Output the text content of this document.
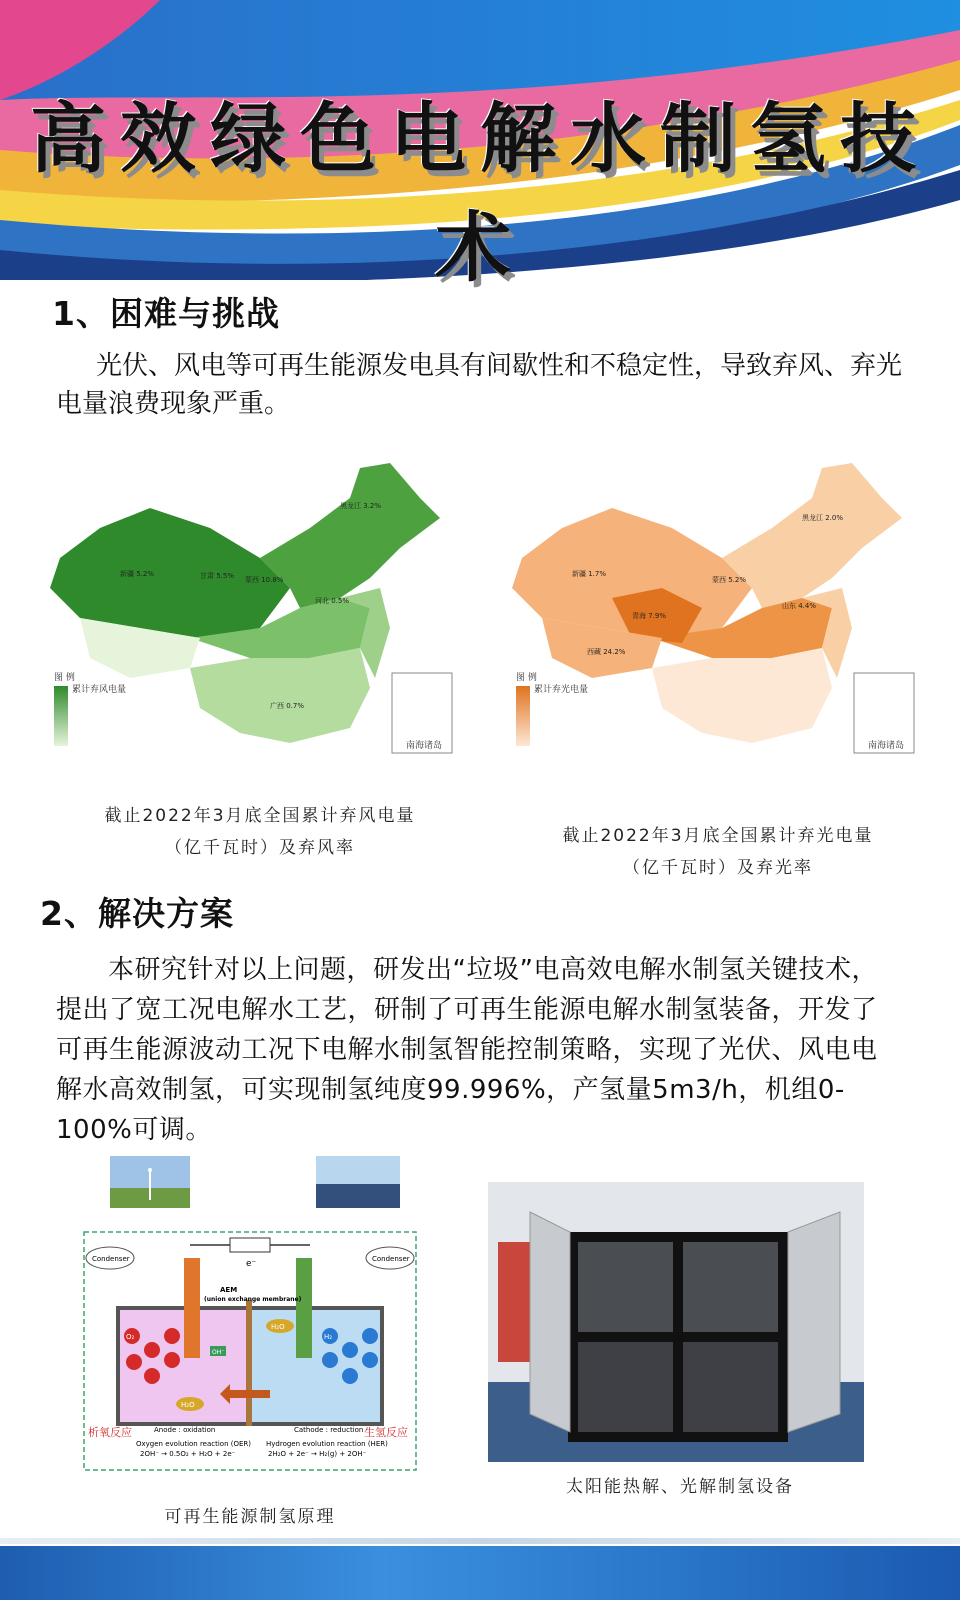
高效绿色电解水制氢技术
1、困难与挑战
光伏、风电等可再生能源发电具有间歇性和不稳定性，导致弃风、弃光电量浪费现象严重。
新疆 5.2%	甘肃 5.5% 蒙西 10.8%
黑龙江 3.2%
河北 0.5%
广西 0.7%
图 例
累计弃风电量
南海诸岛
新疆 1.7%
青海 7.9%
西藏 24.2%
蒙西 5.2%
黑龙江 2.0%
山东 4.4%
图 例
累计弃光电量
南海诸岛
截止2022年3月底全国累计弃风电量
（亿千瓦时）及弃风率
截止2022年3月底全国累计弃光电量
（亿千瓦时）及弃光率
2、解决方案
本研究针对以上问题，研发出“垃圾”电高效电解水制氢关键技术，提出了宽工况电解水工艺，研制了可再生能源电解水制氢装备，开发了可再生能源波动工况下电解水制氢智能控制策略，实现了光伏、风电电解水高效制氢，可实现制氢纯度99.996%，产氢量5m3/h，机组0-100%可调。
e⁻
Condenser	Condenser
AEM
(union exchange membrane)
O₂	H₂
H₂O
H₂O
OH⁻
Anode : oxidation	Cathode : reduction
析氧反应	生氢反应
Oxygen evolution reaction (OER)
2OH⁻ → 0.5O₂ + H₂O + 2e⁻
Hydrogen evolution reaction (HER)
2H₂O + 2e⁻ → H₂(g) + 2OH⁻
可再生能源制氢原理
太阳能热解、光解制氢设备
